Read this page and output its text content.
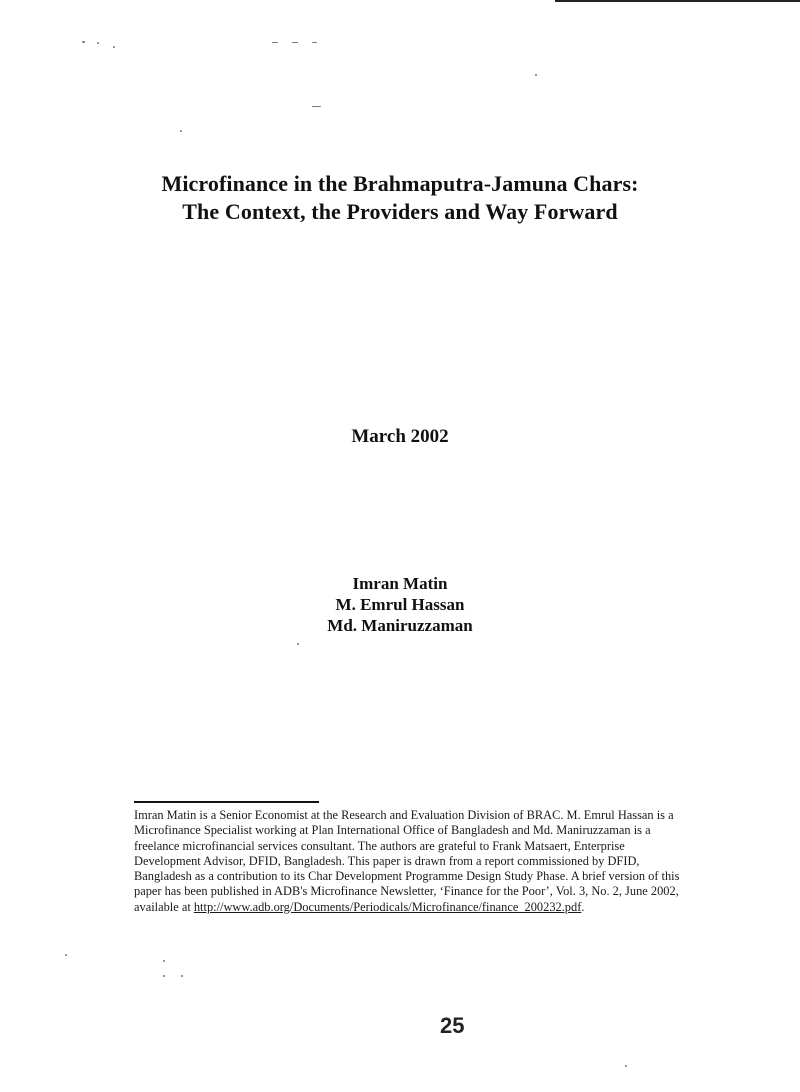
Microfinance in the Brahmaputra-Jamuna Chars:
The Context, the Providers and Way Forward
March 2002
Imran Matin
M. Emrul Hassan
Md. Maniruzzaman
Imran Matin is a Senior Economist at the Research and Evaluation Division of BRAC. M. Emrul Hassan is a Microfinance Specialist working at Plan International Office of Bangladesh and Md. Maniruzzaman is a freelance microfinancial services consultant. The authors are grateful to Frank Matsaert, Enterprise Development Advisor, DFID, Bangladesh. This paper is drawn from a report commissioned by DFID, Bangladesh as a contribution to its Char Development Programme Design Study Phase. A brief version of this paper has been published in ADB's Microfinance Newsletter, ‘Finance for the Poor’, Vol. 3, No. 2, June 2002, available at http://www.adb.org/Documents/Periodicals/Microfinance/finance_200232.pdf.
25
